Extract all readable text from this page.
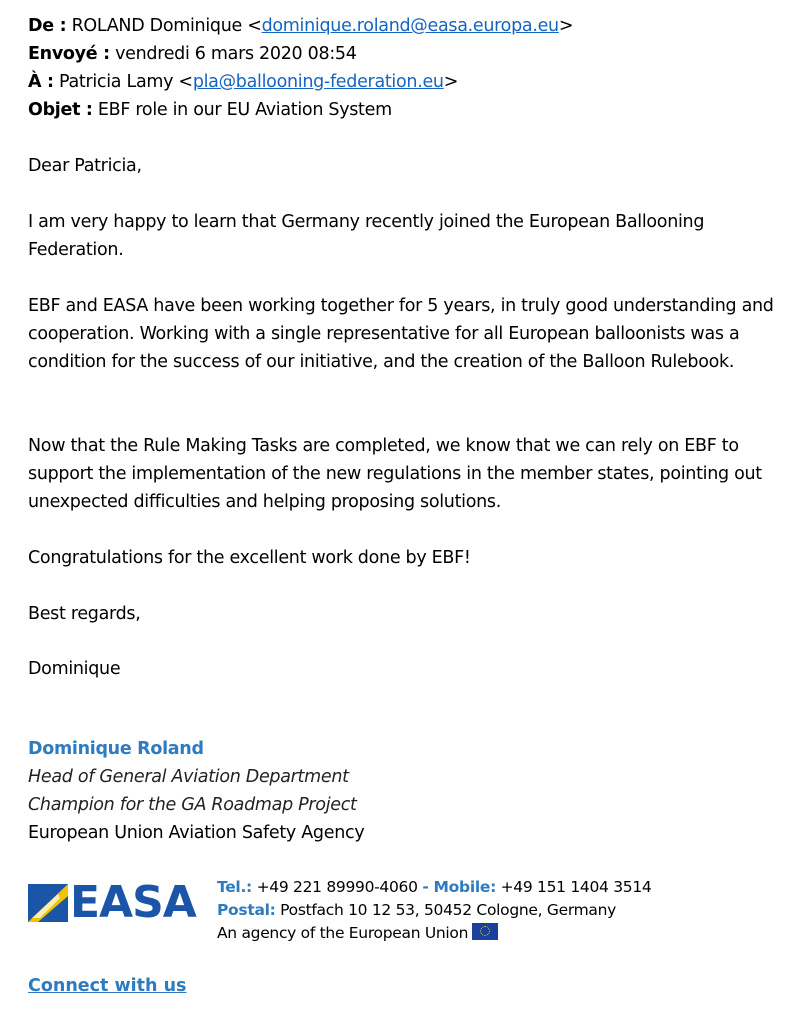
De : ROLAND Dominique <dominique.roland@easa.europa.eu>
Envoyé : vendredi 6 mars 2020 08:54
À : Patricia Lamy <pla@ballooning-federation.eu>
Objet : EBF role in our EU Aviation System

Dear Patricia,

I am very happy to learn that Germany recently joined the European Ballooning Federation.

EBF and EASA have been working together for 5 years, in truly good understanding and cooperation. Working with a single representative for all European balloonists was a condition for the success of our initiative, and the creation of the Balloon Rulebook.

Now that the Rule Making Tasks are completed, we know that we can rely on EBF to support the implementation of the new regulations in the member states, pointing out unexpected difficulties and helping proposing solutions.

Congratulations for the excellent work done by EBF!

Best regards,

Dominique

Dominique Roland
Head of General Aviation Department
Champion for the GA Roadmap Project
European Union Aviation Safety Agency
EASA Tel.: +49 221 89990-4060 - Mobile: +49 151 1404 3514
Postal: Postfach 10 12 53, 50452 Cologne, Germany
An agency of the European Union
Connect with us
